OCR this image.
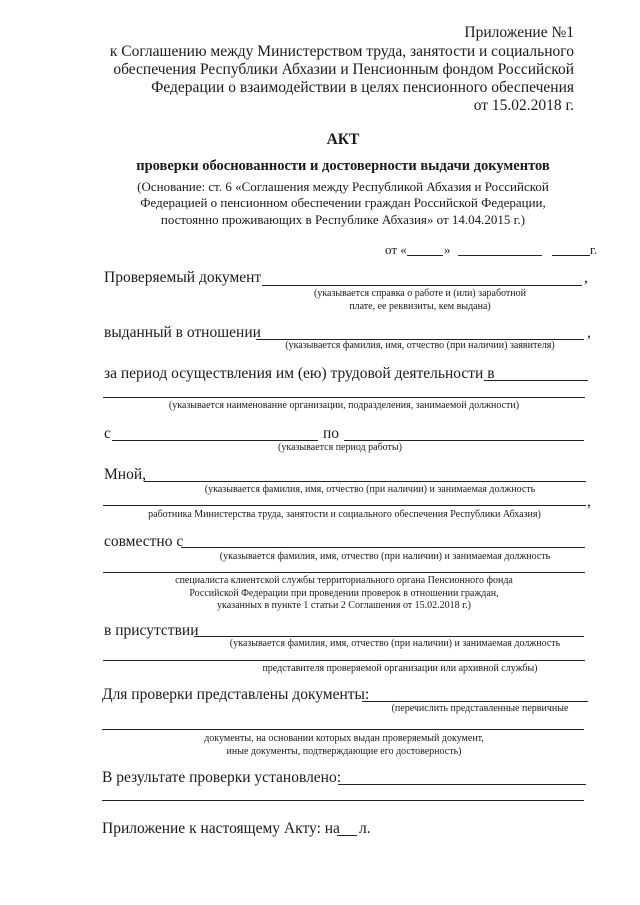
Приложение №1
к Соглашению между Министерством труда, занятости и социального
обеспечения Республики Абхазии и Пенсионным фондом Российской
Федерации о взаимодействии в целях пенсионного обеспечения
от 15.02.2018 г.
АКТ
проверки обоснованности и достоверности выдачи документов
(Основание: ст. 6 «Соглашения между Республикой Абхазия и Российской
Федерацией о пенсионном обеспечении граждан Российской Федерации,
постоянно проживающих в Республике Абхазия» от 14.04.2015 г.)
от «	»	г.
Проверяемый документ	,
(указывается справка о работе и (или) заработной
плате, ее реквизиты, кем выдана)
выданный в отношении	,
(указывается фамилия, имя, отчество (при наличии) заявителя)
за период осуществления им (ею) трудовой деятельности в
(указывается наименование организации, подразделения, занимаемой должности)
с	по
(указывается период работы)
Мной,
(указывается фамилия, имя, отчество (при наличии) и занимаемая должность
,
работника Министерства труда, занятости и социального обеспечения Республики Абхазия)
совместно с
(указывается фамилия, имя, отчество (при наличии) и занимаемая должность
специалиста клиентской службы территориального органа Пенсионного фонда
Российской Федерации при проведении проверок в отношении граждан,
указанных в пункте 1 статьи 2 Соглашения от 15.02.2018 г.)
в присутствии
(указывается фамилия, имя, отчество (при наличии) и занимаемая должность
представителя проверяемой организации или архивной службы)
Для проверки представлены документы:
(перечислить представленные первичные
документы, на основании которых выдан проверяемый документ,
иные документы, подтверждающие его достоверность)
В результате проверки установлено:
Приложение к настоящему Акту: на л.
